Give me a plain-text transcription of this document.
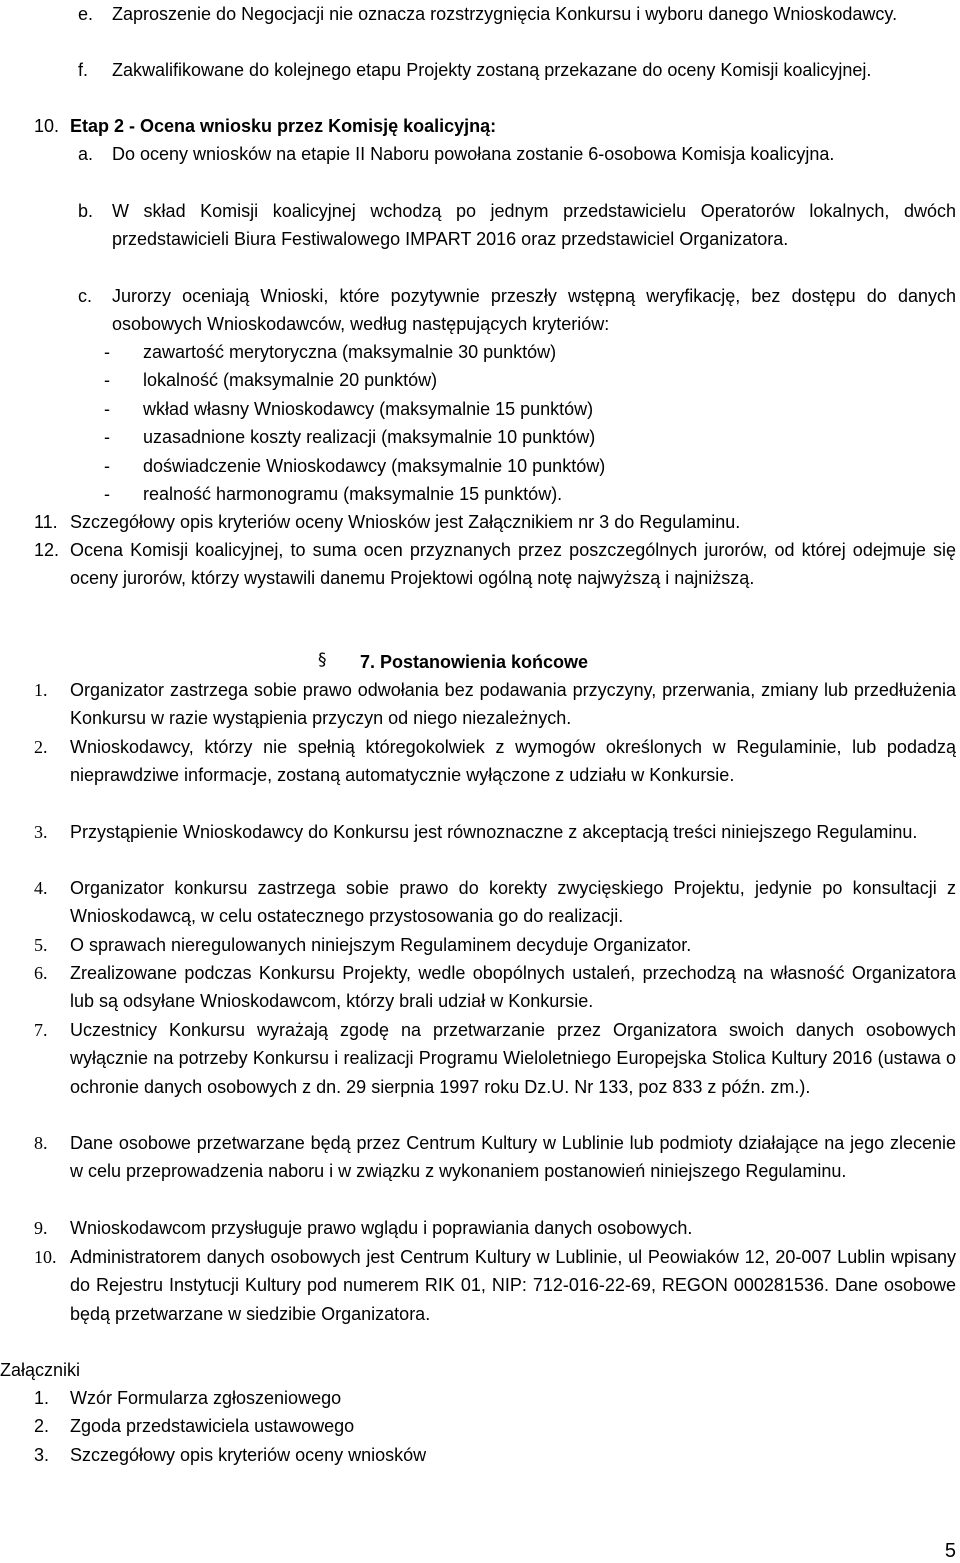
e. Zaproszenie do Negocjacji nie oznacza rozstrzygnięcia Konkursu i wyboru danego Wnioskodawcy.
f. Zakwalifikowane do kolejnego etapu Projekty zostaną przekazane do oceny Komisji koalicyjnej.
10. Etap 2 - Ocena wniosku przez Komisję koalicyjną:
a. Do oceny wniosków na etapie II Naboru powołana zostanie 6-osobowa Komisja koalicyjna.
b. W skład Komisji koalicyjnej wchodzą po jednym przedstawicielu Operatorów lokalnych, dwóch przedstawicieli Biura Festiwalowego IMPART 2016 oraz przedstawiciel Organizatora.
c. Jurorzy oceniają Wnioski, które pozytywnie przeszły wstępną weryfikację, bez dostępu do danych osobowych Wnioskodawców, według następujących kryteriów:
- zawartość merytoryczna (maksymalnie 30 punktów)
- lokalność (maksymalnie 20 punktów)
- wkład własny Wnioskodawcy (maksymalnie 15 punktów)
- uzasadnione koszty realizacji (maksymalnie 10 punktów)
- doświadczenie Wnioskodawcy (maksymalnie 10 punktów)
- realność harmonogramu (maksymalnie 15 punktów).
11. Szczegółowy opis kryteriów oceny Wniosków jest Załącznikiem nr 3 do Regulaminu.
12. Ocena Komisji koalicyjnej, to suma ocen przyznanych przez poszczególnych jurorów, od której odejmuje się oceny jurorów, którzy wystawili danemu Projektowi ogólną notę najwyższą i najniższą.
§ 7. Postanowienia końcowe
1. Organizator zastrzega sobie prawo odwołania bez podawania przyczyny, przerwania, zmiany lub przedłużenia Konkursu w razie wystąpienia przyczyn od niego niezależnych.
2. Wnioskodawcy, którzy nie spełnią któregokolwiek z wymogów określonych w Regulaminie, lub podadzą nieprawdziwe informacje, zostaną automatycznie wyłączone z udziału w Konkursie.
3. Przystąpienie Wnioskodawcy do Konkursu jest równoznaczne z akceptacją treści niniejszego Regulaminu.
4. Organizator konkursu zastrzega sobie prawo do korekty zwycięskiego Projektu, jedynie po konsultacji z Wnioskodawcą, w celu ostatecznego przystosowania go do realizacji.
5. O sprawach nieregulowanych niniejszym Regulaminem decyduje Organizator.
6. Zrealizowane podczas Konkursu Projekty, wedle obopólnych ustaleń, przechodzą na własność Organizatora lub są odsyłane Wnioskodawcom, którzy brali udział w Konkursie.
7. Uczestnicy Konkursu wyrażają zgodę na przetwarzanie przez Organizatora swoich danych osobowych wyłącznie na potrzeby Konkursu i realizacji Programu Wieloletniego Europejska Stolica Kultury 2016 (ustawa o ochronie danych osobowych z dn. 29 sierpnia 1997 roku Dz.U. Nr 133, poz 833 z późn. zm.).
8. Dane osobowe przetwarzane będą przez Centrum Kultury w Lublinie lub podmioty działające na jego zlecenie w celu przeprowadzenia naboru i w związku z wykonaniem postanowień niniejszego Regulaminu.
9. Wnioskodawcom przysługuje prawo wglądu i poprawiania danych osobowych.
10. Administratorem danych osobowych jest Centrum Kultury w Lublinie, ul Peowiaków 12, 20-007 Lublin wpisany do Rejestru Instytucji Kultury pod numerem RIK 01, NIP: 712-016-22-69, REGON 000281536. Dane osobowe będą przetwarzane w siedzibie Organizatora.
Załączniki
1. Wzór Formularza zgłoszeniowego
2. Zgoda przedstawiciela ustawowego
3. Szczegółowy opis kryteriów oceny wniosków
5
